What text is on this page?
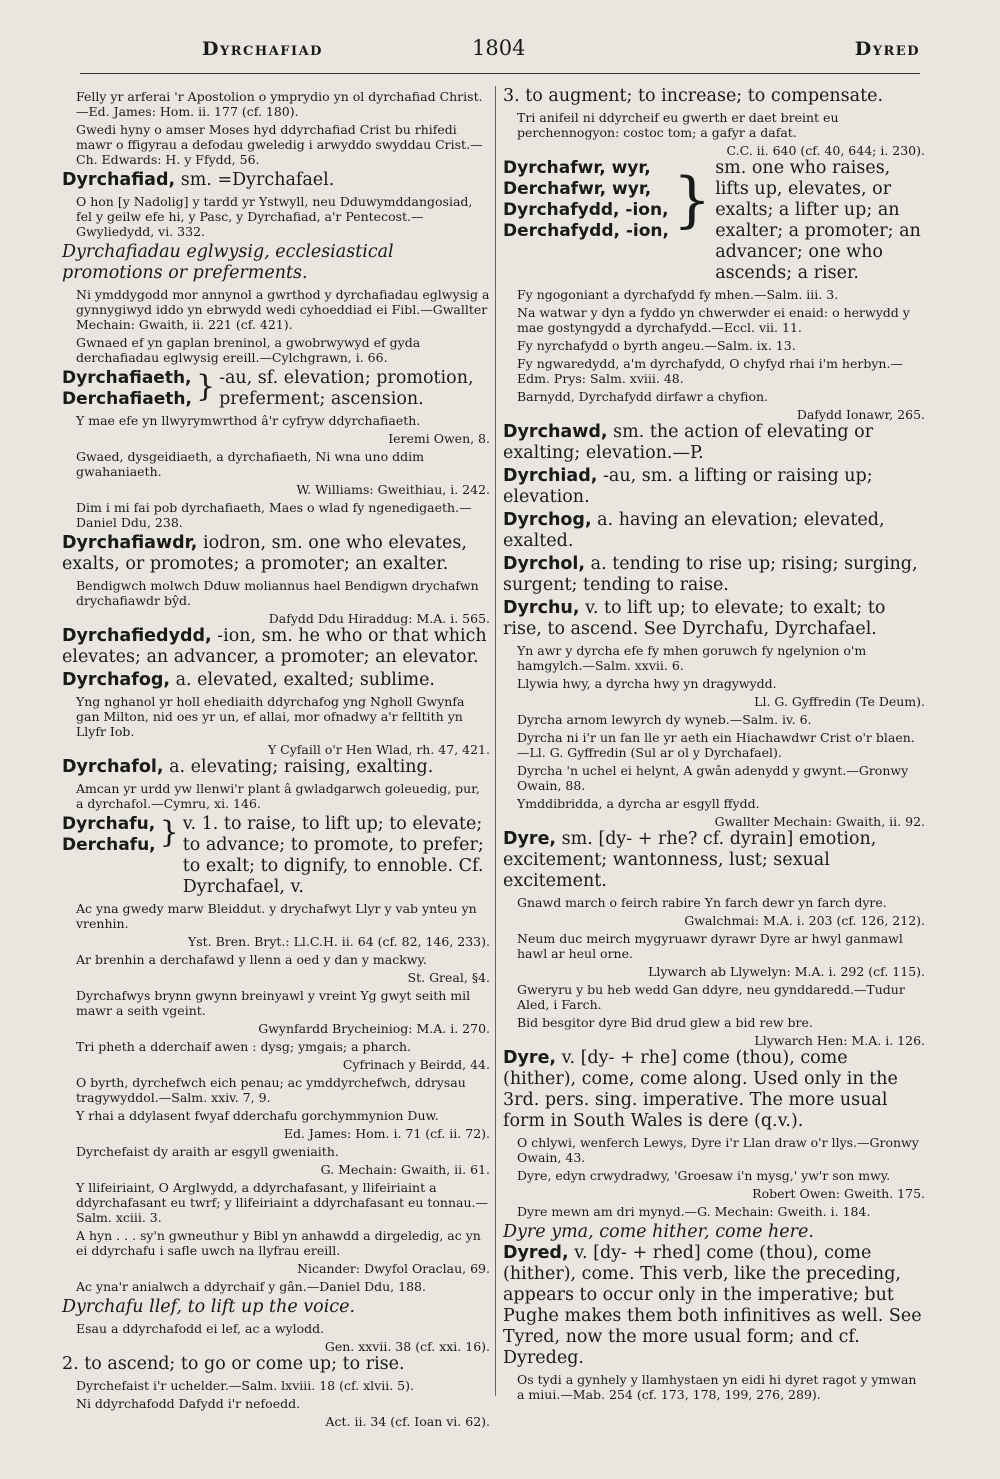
Dyrchafiad	1804	Dyred
Felly yr arferai 'r Apostolion o ymprydio yn ol dyrchafiad Christ.—Ed. James: Hom. ii. 177 (cf. 180).
Gwedi hyny o amser Moses hyd ddyrchafiad Crist bu rhifedi mawr o ffigyrau a defodau gweledig i arwyddo swyddau Crist.—Ch. Edwards: H. y Ffydd, 56.
Dyrchafiad, sm. =Dyrchafael.
O hon [y Nadolig] y tardd yr Ystwyll, neu Dduwymddangosiad, fel y geilw efe hi, y Pasc, y Dyrchafiad, a'r Pentecost.—Gwyliedydd, vi. 332.
Dyrchafiadau eglwysig, ecclesiastical promotions or preferments.
Ni ymddygodd mor annynol a gwrthod y dyrchafiadau eglwysig a gynnygiwyd iddo yn ebrwydd wedi cyhoeddiad ei Fibl.—Gwallter Mechain: Gwaith, ii. 221 (cf. 421).
Gwnaed ef yn gaplan breninol, a gwobrwywyd ef gyda derchafiadau eglwysig ereill.—Cylchgrawn, i. 66.
Dyrchafiaeth,
Derchafiaeth, } -au, sf. elevation; promotion, preferment; ascension.
Y mae efe yn llwyrymwrthod â'r cyfryw ddyrchafiaeth.
Ieremi Owen, 8.
Gwaed, dysgeidiaeth, a dyrchafiaeth, Ni wna uno ddim gwahaniaeth.
W. Williams: Gweithiau, i. 242.
Dim i mi fai pob dyrchafiaeth, Maes o wlad fy ngenedigaeth.—Daniel Ddu, 238.
Dyrchafiawdr, iodron, sm. one who elevates, exalts, or promotes; a promoter; an exalter.
Bendigwch molwch Dduw moliannus hael Bendigwn drychafwn drychafiawdr bŷd.
Dafydd Ddu Hiraddug: M.A. i. 565.
Dyrchafiedydd, -ion, sm. he who or that which elevates; an advancer, a promoter; an elevator.
Dyrchafog, a. elevated, exalted; sublime.
Yng nghanol yr holl ehediaith ddyrchafog yng Ngholl Gwynfa gan Milton, nid oes yr un, ef allai, mor ofnadwy a'r felltith yn Llyfr Iob.
Y Cyfaill o'r Hen Wlad, rh. 47, 421.
Dyrchafol, a. elevating; raising, exalting.
Amcan yr urdd yw llenwi'r plant â gwladgarwch goleuedig, pur, a dyrchafol.—Cymru, xi. 146.
Dyrchafu,
Derchafu, } v. 1. to raise, to lift up; to elevate; to advance; to promote, to prefer; to exalt; to dignify, to ennoble. Cf. Dyrchafael, v.
Ac yna gwedy marw Bleiddut. y drychafwyt Llyr y vab ynteu yn vrenhin.
Yst. Bren. Bryt.: Ll.C.H. ii. 64 (cf. 82, 146, 233).
Ar brenhin a derchafawd y llenn a oed y dan y mackwy.
St. Greal, §4.
Dyrchafwys brynn gwynn breinyawl y vreint Yg gwyt seith mil mawr a seith vgeint.
Gwynfardd Brycheiniog: M.A. i. 270.
Tri pheth a dderchaif awen : dysg; ymgais; a pharch.
Cyfrinach y Beirdd, 44.
O byrth, dyrchefwch eich penau; ac ymddyrchefwch, ddrysau tragywyddol.—Salm. xxiv. 7, 9.
Y rhai a ddylasent fwyaf dderchafu gorchymmynion Duw.
Ed. James: Hom. i. 71 (cf. ii. 72).
Dyrchefaist dy araith ar esgyll gweniaith.
G. Mechain: Gwaith, ii. 61.
Y llifeiriaint, O Arglwydd, a ddyrchafasant, y llifeiriaint a ddyrchafasant eu twrf; y llifeiriaint a ddyrchafasant eu tonnau.—Salm. xciii. 3.
A hyn . . . sy'n gwneuthur y Bibl yn anhawdd a dirgeledig, ac yn ei ddyrchafu i safle uwch na llyfrau ereill.
Nicander: Dwyfol Oraclau, 69.
Ac yna'r anialwch a ddyrchaif y gân.—Daniel Ddu, 188.
Dyrchafu llef, to lift up the voice.
Esau a ddyrchafodd ei lef, ac a wylodd.
Gen. xxvii. 38 (cf. xxi. 16).
2. to ascend; to go or come up; to rise.
Dyrchefaist i'r uchelder.—Salm. lxviii. 18 (cf. xlvii. 5).
Ni ddyrchafodd Dafydd i'r nefoedd.
Act. ii. 34 (cf. Ioan vi. 62).
3. to augment; to increase; to compensate.
Tri anifeil ni ddyrcheif eu gwerth er daet breint eu perchennogyon: costoc tom; a gafyr a dafat.
C.C. ii. 640 (cf. 40, 644; i. 230).
Dyrchafwr, wyr,
Derchafwr, wyr,
Dyrchafydd, -ion,
Derchafydd, -ion, } sm. one who raises, lifts up, elevates, or exalts; a lifter up; an exalter; a promoter; an advancer; one who ascends; a riser.
Fy ngogoniant a dyrchafydd fy mhen.—Salm. iii. 3.
Na watwar y dyn a fyddo yn chwerwder ei enaid: o herwydd y mae gostyngydd a dyrchafydd.—Eccl. vii. 11.
Fy nyrchafydd o byrth angeu.—Salm. ix. 13.
Fy ngwaredydd, a'm dyrchafydd, O chyfyd rhai i'm herbyn.—Edm. Prys: Salm. xviii. 48.
Barnydd, Dyrchafydd dirfawr a chyfion.
Dafydd Ionawr, 265.
Dyrchawd, sm. the action of elevating or exalting; elevation.—P.
Dyrchiad, -au, sm. a lifting or raising up; elevation.
Dyrchog, a. having an elevation; elevated, exalted.
Dyrchol, a. tending to rise up; rising; surging, surgent; tending to raise.
Dyrchu, v. to lift up; to elevate; to exalt; to rise, to ascend. See Dyrchafu, Dyrchafael.
Yn awr y dyrcha efe fy mhen goruwch fy ngelynion o'm hamgylch.—Salm. xxvii. 6.
Llywia hwy, a dyrcha hwy yn dragywydd.
Ll. G. Gyffredin (Te Deum).
Dyrcha arnom lewyrch dy wyneb.—Salm. iv. 6.
Dyrcha ni i'r un fan lle yr aeth ein Hiachawdwr Crist o'r blaen.—Ll. G. Gyffredin (Sul ar ol y Dyrchafael).
Dyrcha 'n uchel ei helynt, A gwân adenydd y gwynt.—Gronwy Owain, 88.
Ymddibridda, a dyrcha ar esgyll ffydd.
Gwallter Mechain: Gwaith, ii. 92.
Dyre, sm. [dy- + rhe? cf. dyrain] emotion, excitement; wantonness, lust; sexual excitement.
Gnawd march o feirch rabire Yn farch dewr yn farch dyre.
Gwalchmai: M.A. i. 203 (cf. 126, 212).
Neum duc meirch mygyruawr dyrawr Dyre ar hwyl ganmawl hawl ar heul orne.
Llywarch ab Llywelyn: M.A. i. 292 (cf. 115).
Gweryru y bu heb wedd Gan ddyre, neu gynddaredd.—Tudur Aled, i Farch.
Bid besgitor dyre Bid drud glew a bid rew bre.
Llywarch Hen: M.A. i. 126.
Dyre, v. [dy- + rhe] come (thou), come (hither), come, come along. Used only in the 3rd. pers. sing. imperative. The more usual form in South Wales is dere (q.v.).
O chlywi, wenferch Lewys, Dyre i'r Llan draw o'r llys.—Gronwy Owain, 43.
Dyre, edyn crwydradwy, 'Groesaw i'n mysg,' yw'r son mwy.
Robert Owen: Gweith. 175.
Dyre mewn am dri mynyd.—G. Mechain: Gweith. i. 184.
Dyre yma, come hither, come here.
Dyred, v. [dy- + rhed] come (thou), come (hither), come. This verb, like the preceding, appears to occur only in the imperative; but Pughe makes them both infinitives as well. See Tyred, now the more usual form; and cf. Dyredeg.
Os tydi a gynhely y llamhystaen yn eidi hi dyret ragot y ymwan a miui.—Mab. 254 (cf. 173, 178, 199, 276, 289).
